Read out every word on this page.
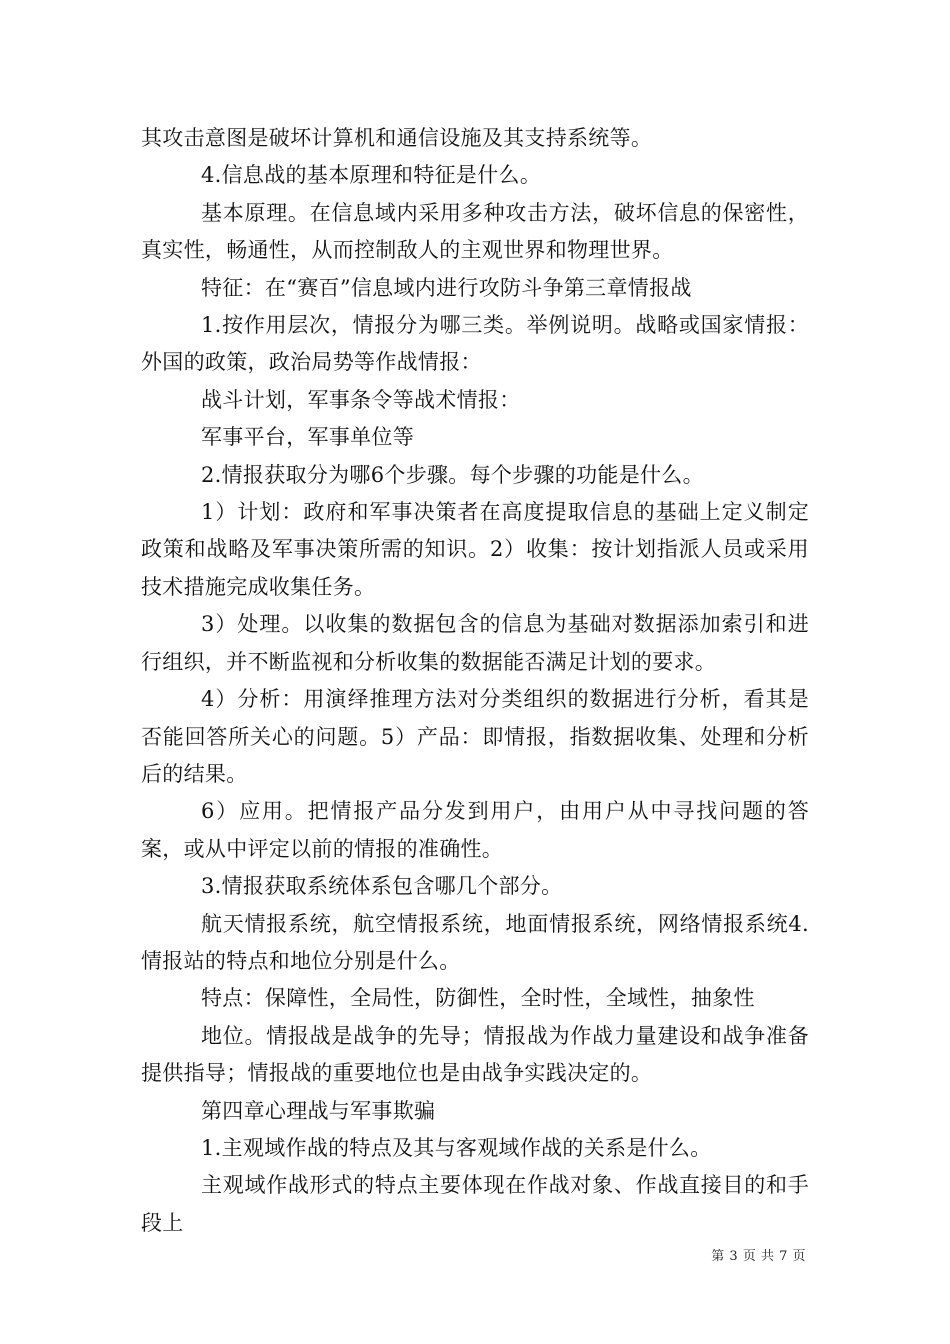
其攻击意图是破坏计算机和通信设施及其支持系统等。

4.信息战的基本原理和特征是什么。

基本原理。在信息域内采用多种攻击方法，破坏信息的保密性，真实性，畅通性，从而控制敌人的主观世界和物理世界。

特征：在“赛百”信息域内进行攻防斗争第三章情报战

1.按作用层次，情报分为哪三类。举例说明。战略或国家情报：外国的政策，政治局势等作战情报：

战斗计划，军事条令等战术情报：

军事平台，军事单位等

2.情报获取分为哪6个步骤。每个步骤的功能是什么。

1）计划：政府和军事决策者在高度提取信息的基础上定义制定政策和战略及军事决策所需的知识。2）收集：按计划指派人员或采用技术措施完成收集任务。

3）处理。以收集的数据包含的信息为基础对数据添加索引和进行组织，并不断监视和分析收集的数据能否满足计划的要求。

4）分析：用演绎推理方法对分类组织的数据进行分析，看其是否能回答所关心的问题。5）产品：即情报，指数据收集、处理和分析后的结果。

6）应用。把情报产品分发到用户，由用户从中寻找问题的答案，或从中评定以前的情报的准确性。

3.情报获取系统体系包含哪几个部分。

航天情报系统，航空情报系统，地面情报系统，网络情报系统4.情报站的特点和地位分别是什么。

特点：保障性，全局性，防御性，全时性，全域性，抽象性

地位。情报战是战争的先导；情报战为作战力量建设和战争准备提供指导；情报战的重要地位也是由战争实践决定的。

第四章心理战与军事欺骗

1.主观域作战的特点及其与客观域作战的关系是什么。

主观域作战形式的特点主要体现在作战对象、作战直接目的和手段上

第 3 页 共 7 页
